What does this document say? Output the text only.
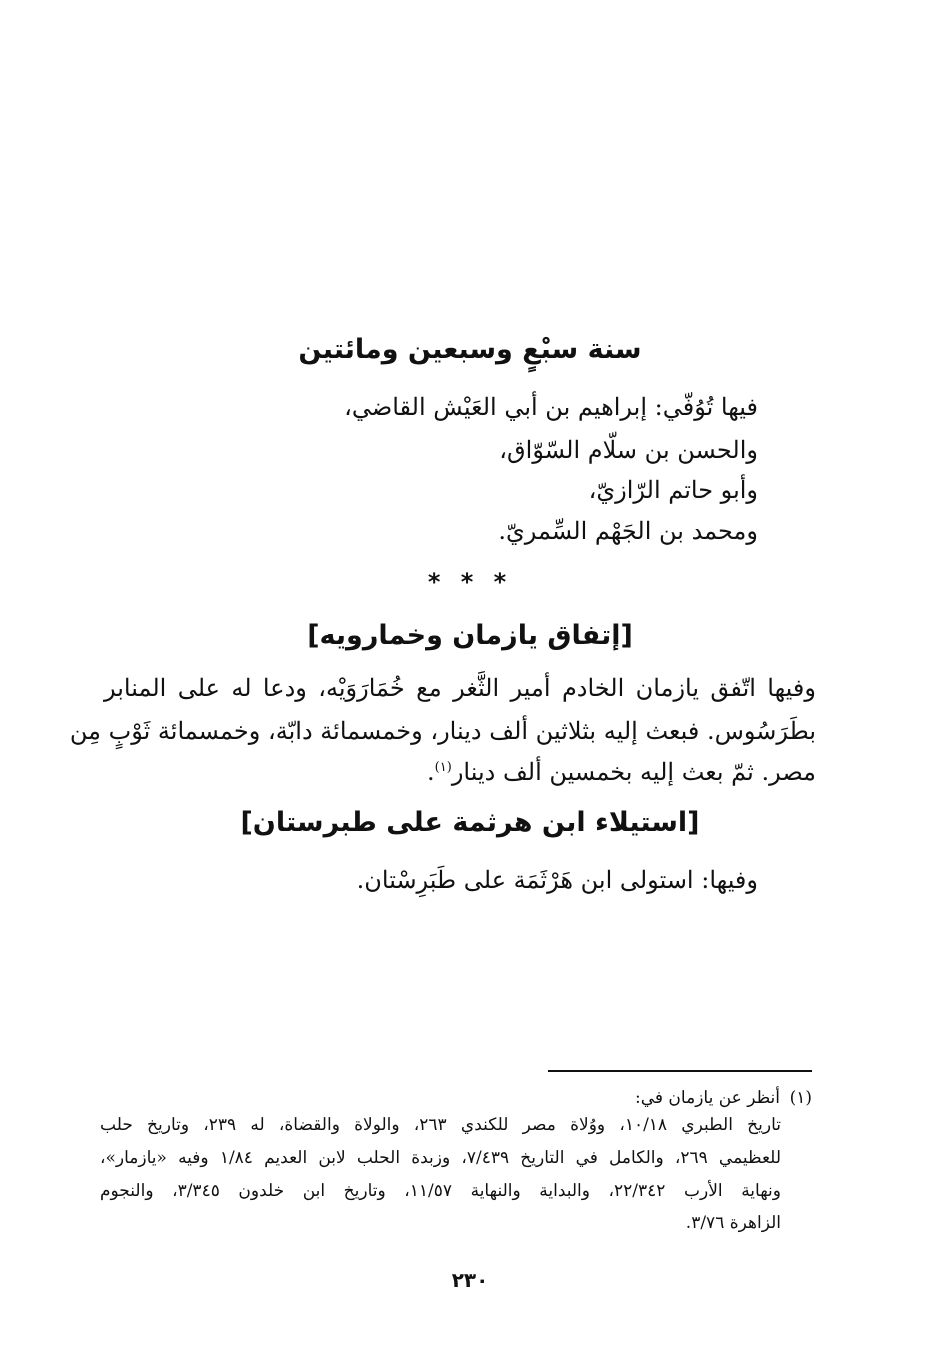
سنة سبْعٍ وسبعين ومائتين
فيها تُوُفّي: إبراهيم بن أبي العَيْش القاضي،
والحسن بن سلّام السّوّاق،
وأبو حاتم الرّازيّ،
ومحمد بن الجَهْم السِّمريّ.
* * *
[إتفاق يازمان وخمارويه]
وفيها اتّفق يازمان الخادم أمير الثَّغر مع خُمَارَوَيْه، ودعا له على المنابر
بطَرَسُوس. فبعث إليه بثلاثين ألف دينار، وخمسمائة دابّة، وخمسمائة ثَوْبٍ مِن
مصر. ثمّ بعث إليه بخمسين ألف دينار$^{(١)}$.
[استيلاء ابن هرثمة على طبرستان]
وفيها: استولى ابن هَرْثَمَة على طَبَرِسْتان.
(١)
أنظر عن يازمان في:
تاريخ الطبري ١٠/١٨، ووُلاة مصر للكندي ٢٦٣، والولاة والقضاة، له ٢٣٩، وتاريخ حلب
للعظيمي ٢٦٩، والكامل في التاريخ ٧/٤٣٩، وزبدة الحلب لابن العديم ١/٨٤ وفيه «يازمار»،
ونهاية الأرب ٢٢/٣٤٢، والبداية والنهاية ١١/٥٧، وتاريخ ابن خلدون ٣/٣٤٥، والنجوم
الزاهرة ٣/٧٦.
٢٣٠
